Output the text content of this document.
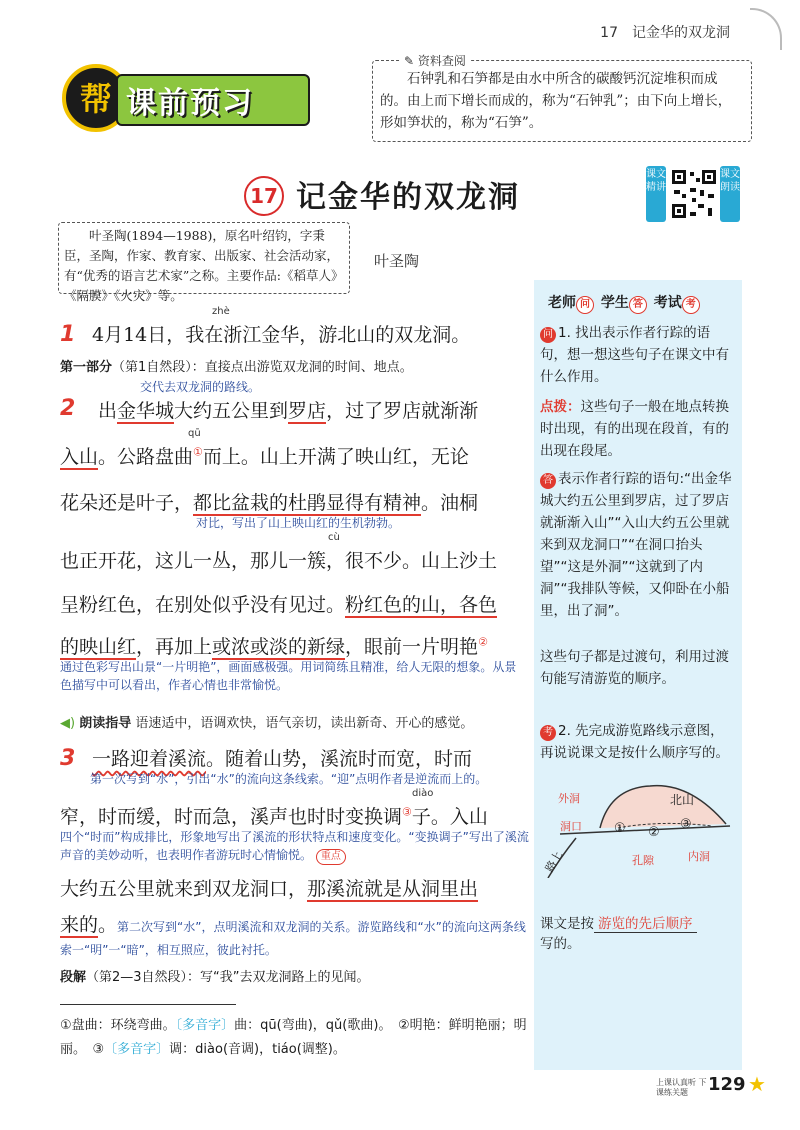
17　记金华的双龙洞
帮 课前预习
✎ 资料查阅
石钟乳和石笋都是由水中所含的碳酸钙沉淀堆积而成的。由上而下增长而成的，称为“石钟乳”；由下向上增长，形如笋状的，称为“石笋”。
17 记金华的双龙洞
课文精讲
课文朗读
叶圣陶(1894—1988)，原名叶绍钧，字秉臣，圣陶，作家、教育家、出版家、社会活动家，有“优秀的语言艺术家”之称。主要作品:《稻草人》《隔膜》《火灾》等。
叶圣陶
1
zhè
4月14日，我在浙江金华，游北山的双龙洞。
第一部分（第1自然段）：直接点出游览双龙洞的时间、地点。
交代去双龙洞的路线。
2 出金华城大约五公里到罗店，过了罗店就渐渐
qū
入山。公路盘曲①而上。山上开满了映山红，无论
花朵还是叶子，都比盆栽的杜鹃显得有精神。油桐
对比，写出了山上映山红的生机勃勃。
cù
也正开花，这儿一丛，那儿一簇，很不少。山上沙土
呈粉红色，在别处似乎没有见过。粉红色的山，各色
的映山红，再加上或浓或淡的新绿，眼前一片明艳②
通过色彩写出山景“一片明艳”，画面感极强。用词简练且精准，给人无限的想象。从景色描写中可以看出，作者心情也非常愉悦。
◀) 朗读指导 语速适中，语调欢快，语气亲切，读出新奇、开心的感觉。
3 一路迎着溪流。随着山势，溪流时而宽，时而
第一次写到“水”，引出“水”的流向这条线索。“迎”点明作者是逆流而上的。
diào
窄，时而缓，时而急，溪声也时时变换调③子。入山
四个“时而”构成排比，形象地写出了溪流的形状特点和速度变化。“变换调子”写出了溪流声音的美妙动听，也表明作者游玩时心情愉悦。 重点
大约五公里就来到双龙洞口，那溪流就是从洞里出
来的。第二次写到“水”，点明溪流和双龙洞的关系。游览路线和“水”的流向这两条线索一“明”一“暗”，相互照应，彼此衬托。
段解（第2—3自然段）：写“我”去双龙洞路上的见闻。
老师 问 学生 答 考试 考
问 1. 找出表示作者行踪的语句，想一想这些句子在课文中有什么作用。
点拨：这些句子一般在地点转换时出现，有的出现在段首，有的出现在段尾。
答 表示作者行踪的语句:“出金华城大约五公里到罗店，过了罗店就渐渐入山”“入山大约五公里就来到双龙洞口”“在洞口抬头望”“这是外洞”“这就到了内洞”“我排队等候，又仰卧在小船里，出了洞”。
这些句子都是过渡句，利用过渡句能写清游览的顺序。
考 2. 先完成游览路线示意图，再说说课文是按什么顺序写的。
北山
外洞
洞口 ① ②
③
孔隙	内洞
路上
课文是按 游览的先后顺序
写的。
①盘曲：环绕弯曲。〔多音字〕曲：qū(弯曲)，qǔ(歌曲)。　②明艳：鲜明艳丽；明丽。　③〔多音字〕调：diào(音调)，tiáo(调整)。
上课认真听 下课练关题	129 ★
